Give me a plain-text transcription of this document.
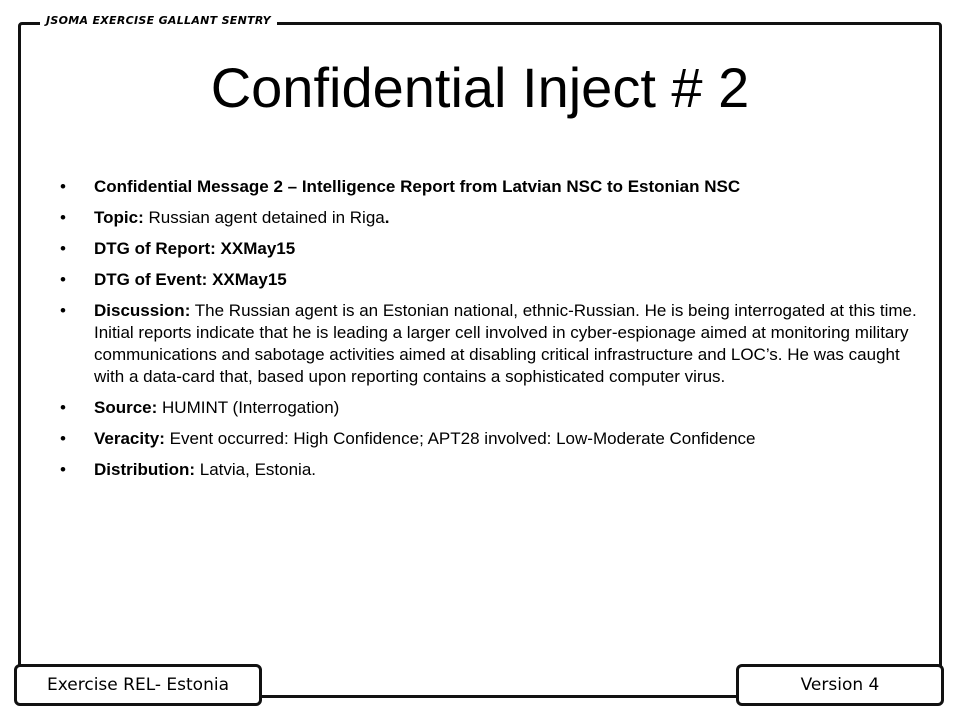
JSOMA EXERCISE GALLANT SENTRY
Confidential Inject # 2
• Confidential Message 2 – Intelligence Report from Latvian NSC to Estonian NSC
• Topic: Russian agent detained in Riga.
• DTG of Report: XXMay15
• DTG of Event: XXMay15
• Discussion: The Russian agent is an Estonian national, ethnic-Russian. He is being interrogated at this time. Initial reports indicate that he is leading a larger cell involved in cyber-espionage aimed at monitoring military communications and sabotage activities aimed at disabling critical infrastructure and LOC’s. He was caught with a data-card that, based upon reporting contains a sophisticated computer virus.
• Source: HUMINT (Interrogation)
• Veracity: Event occurred: High Confidence; APT28 involved: Low-Moderate Confidence
• Distribution: Latvia, Estonia.
Exercise REL- Estonia	Version 4
